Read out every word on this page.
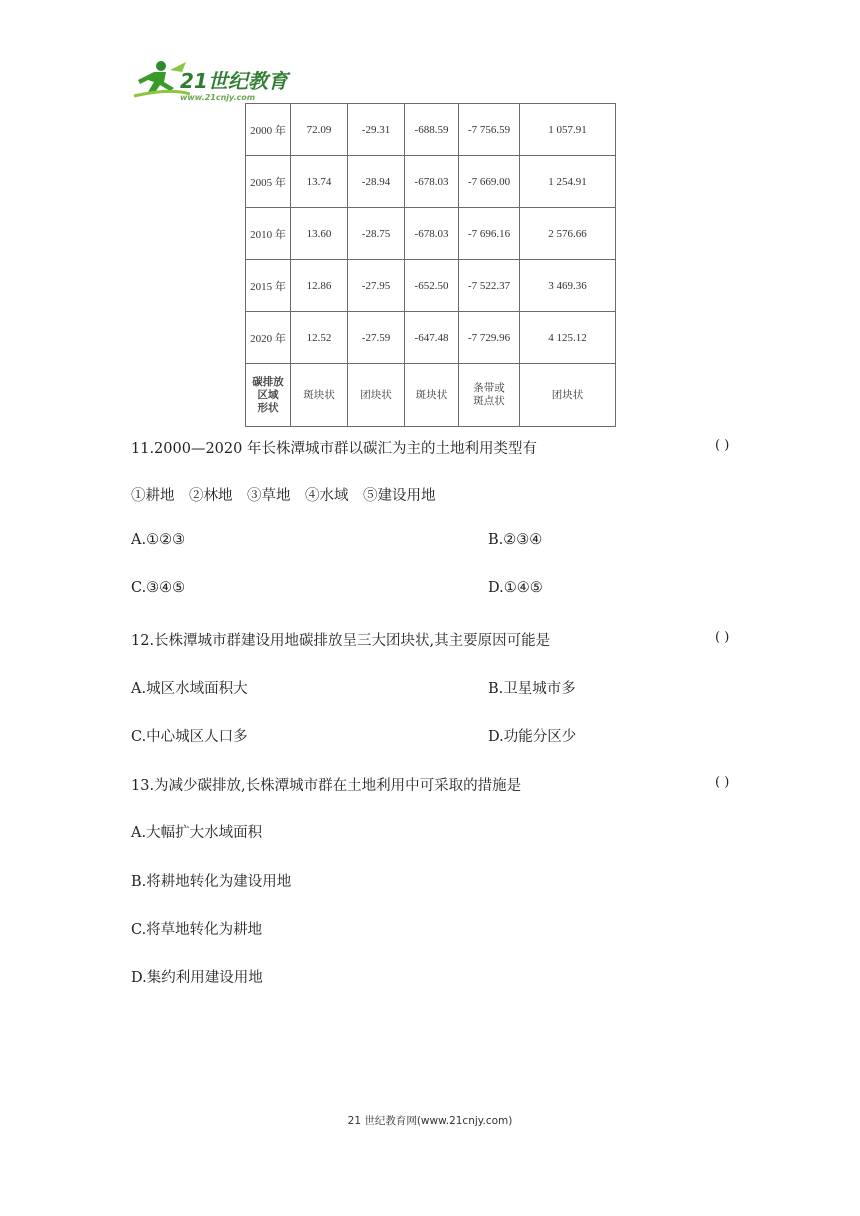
21世纪教育
www.21cnjy.com
2000 年	72.09	-29.31	-688.59	-7 756.59	1 057.91
2005 年	13.74	-28.94	-678.03	-7 669.00	1 254.91
2010 年	13.60	-28.75	-678.03	-7 696.16	2 576.66
2015 年	12.86	-27.95	-652.50	-7 522.37	3 469.36
2020 年	12.52	-27.59	-647.48	-7 729.96	4 125.12
碳排放
区域
形状	斑块状	团块状	斑块状	条带或
斑点状	团块状
11.2000—2020 年长株潭城市群以碳汇为主的土地利用类型有	( )
①耕地　②林地　③草地　④水域　⑤建设用地
A.①②③	B.②③④
C.③④⑤	D.①④⑤
12.长株潭城市群建设用地碳排放呈三大团块状,其主要原因可能是	( )
A.城区水域面积大	B.卫星城市多
C.中心城区人口多	D.功能分区少
13.为减少碳排放,长株潭城市群在土地利用中可采取的措施是	( )
A.大幅扩大水域面积
B.将耕地转化为建设用地
C.将草地转化为耕地
D.集约利用建设用地
21 世纪教育网(www.21cnjy.com)
